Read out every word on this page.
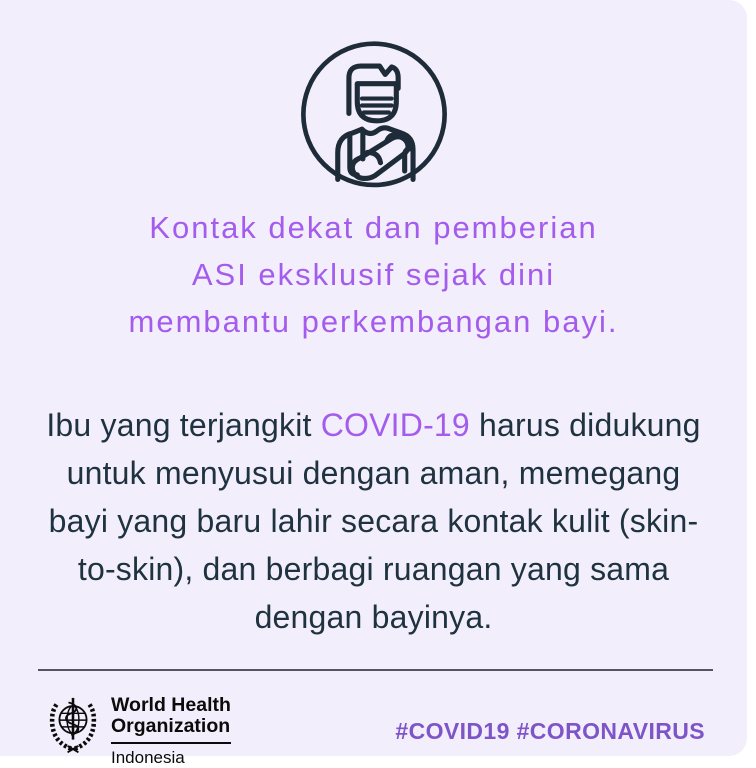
Kontak dekat dan pemberian
ASI eksklusif sejak dini
membantu perkembangan bayi.
Ibu yang terjangkit COVID-19 harus didukung
untuk menyusui dengan aman, memegang
bayi yang baru lahir secara kontak kulit (skin-
to-skin), dan berbagi ruangan yang sama
dengan bayinya.
World Health
Organization
Indonesia
#COVID19 #CORONAVIRUS
